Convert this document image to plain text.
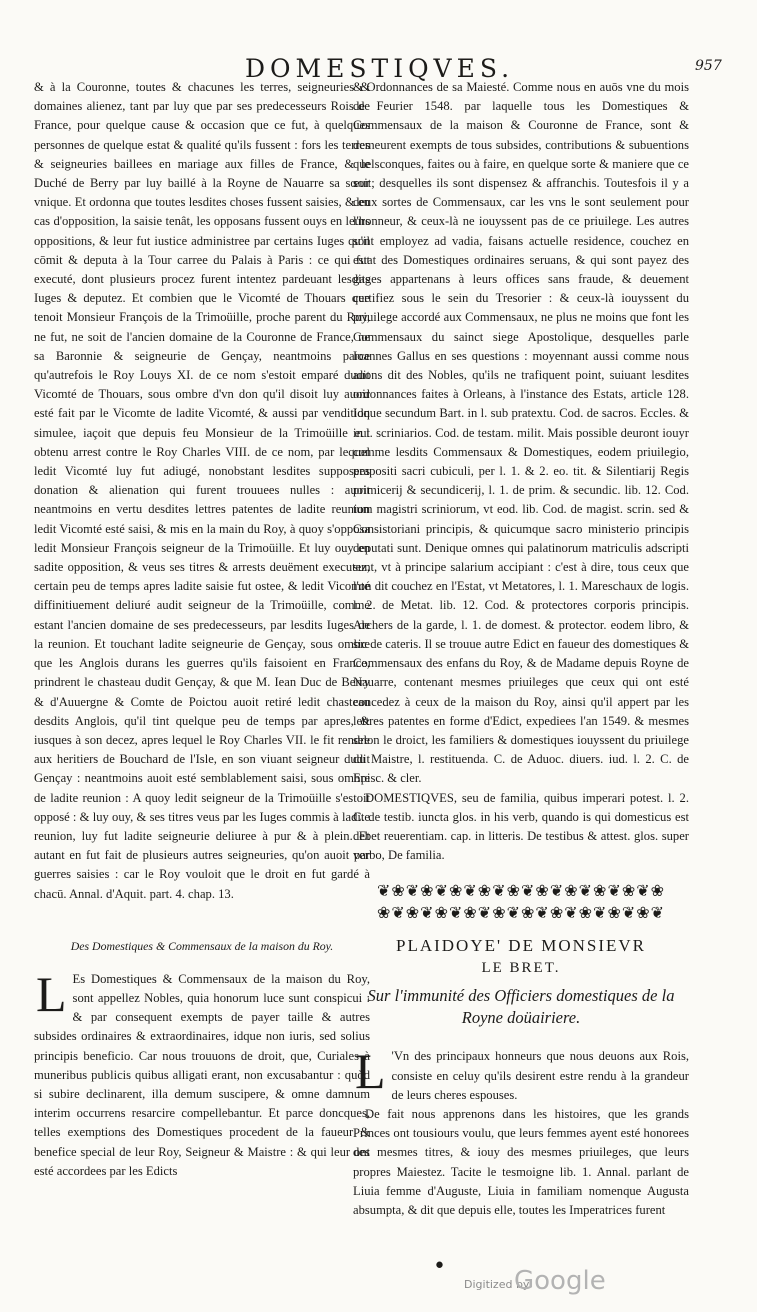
DOMESTIQVES.	957

& à la Couronne, toutes & chacunes les terres, seigneuries & domaines alienez, tant par luy que par ses predecesseurs Rois de France, pour quelque cause & occasion que ce fut, à quelques personnes de quelque estat & qualité qu'ils fussent : fors les terres & seigneuries baillees en mariage aux filles de France, & le Duché de Berry par luy baillé à la Royne de Nauarre sa sœur vnique. Et ordonna que toutes lesdites choses fussent saisies, & en cas d'opposition, la saisie tenât, les opposans fussent ouys en leurs oppositions, & leur fut iustice administree par certains Iuges qu'il cōmit & deputa à la Tour carree du Palais à Paris : ce qui fut executé, dont plusieurs procez furent intentez pardeuant lesdits Iuges & deputez. Et combien que le Vicomté de Thouars que tenoit Monsieur François de la Trimoüille, proche parent du Roy, ne fut, ne soit de l'ancien domaine de la Couronne de France, ne sa Baronnie & seigneurie de Gençay, neantmoins parce qu'autrefois le Roy Louys XI. de ce nom s'estoit emparé dudit Vicomté de Thouars, sous ombre d'vn don qu'il disoit luy auoir esté fait par le Vicomte de ladite Vicomté, & aussi par vendition simulee, iaçoit que depuis feu Monsieur de la Trimoüille eut obtenu arrest contre le Roy Charles VIII. de ce nom, par lequel ledit Vicomté luy fut adiugé, nonobstant lesdites supposees donation & alienation qui furent trouuees nulles : auoit neantmoins en vertu desdites lettres patentes de ladite reunion ledit Vicomté esté saisi, & mis en la main du Roy, à quoy s'opposa ledit Monsieur François seigneur de la Trimoüille. Et luy ouy en sadite opposition, & veus ses titres & arrests deuëment executez, certain peu de temps apres ladite saisie fut ostee, & ledit Vicomté diffinitiuement deliuré audit seigneur de la Trimoüille, comme estant l'ancien domaine de ses predecesseurs, par lesdits Iuges de la reunion. Et touchant ladite seigneurie de Gençay, sous ombre que les Anglois durans les guerres qu'ils faisoient en France, prindrent le chasteau dudit Gençay, & que M. Iean Duc de Berry & d'Auuergne & Comte de Poictou auoit retiré ledit chasteau desdits Anglois, qu'il tint quelque peu de temps par apres, & iusques à son decez, apres lequel le Roy Charles VII. le fit rendre aux heritiers de Bouchard de l'Isle, en son viuant seigneur dudit Gençay : neantmoins auoit esté semblablement saisi, sous ombre de ladite reunion : A quoy ledit seigneur de la Trimoüille s'estoit opposé : & luy ouy, & ses titres veus par les Iuges commis à ladite reunion, luy fut ladite seigneurie deliuree à pur & à plein. Et autant en fut fait de plusieurs autres seigneuries, qu'on auoit par guerres saisies : car le Roy vouloit que le droit en fut gardé à chacū. Annal. d'Aquit. part. 4. chap. 13.

Des Domestiques & Commensaux de la maison du Roy.
L Es Domestiques & Commensaux de la maison du Roy, sont appellez Nobles, quia honorum luce sunt conspicui : & par consequent exempts de payer taille & autres subsides ordinaires & extraordinaires, idque non iuris, sed solius principis beneficio. Car nous trouuons de droit, que, Curiales à muneribus publicis quibus alligati erant, non excusabantur : quòd si subire declinarent, illa demum suscipere, & omne damnum interim occurrens resarcire compellebantur. Et parce doncques, telles exemptions des Domestiques procedent de la faueur & benefice special de leur Roy, Seigneur & Maistre : & qui leur ont esté accordees par les Edicts

& Ordonnances de sa Maiesté. Comme nous en auōs vne du mois de Feurier 1548. par laquelle tous les Domestiques & Commensaux de la maison & Couronne de France, sont & demeurent exempts de tous subsides, contributions & subuentions quelsconques, faites ou à faire, en quelque sorte & maniere que ce soit; desquelles ils sont dispensez & affranchis. Toutesfois il y a deux sortes de Commensaux, car les vns le sont seulement pour l'honneur, & ceux-là ne iouyssent pas de ce priuilege. Les autres sont employez ad vadia, faisans actuelle residence, couchez en estat des Domestiques ordinaires seruans, & qui sont payez des gages appartenans à leurs offices sans fraude, & deuement certifiez sous le sein du Tresorier : & ceux-là iouyssent du priuilege accordé aux Commensaux, ne plus ne moins que font les Commensaux du sainct siege Apostolique, desquelles parle Ioannes Gallus en ses questions : moyennant aussi comme nous auons dit des Nobles, qu'ils ne trafiquent point, suiuant lesdites ordonnances faites à Orleans, à l'instance des Estats, article 128. Idque secundum Bart. in l. sub pratextu. Cod. de sacros. Eccles. & in l. scriniarios. Cod. de testam. milit. Mais possible deuront iouyr comme lesdits Commensaux & Domestiques, eodem priuilegio, prapositi sacri cubiculi, per l. 1. & 2. eo. tit. & Silentiarij Regis primicerij & secundicerij, l. 1. de prim. & secundic. lib. 12. Cod. tum magistri scriniorum, vt eod. lib. Cod. de magist. scrin. sed & Consistoriani principis, & quicumque sacro ministerio principis deputati sunt. Denique omnes qui palatinorum matriculis adscripti sunt, vt à principe salarium accipiant : c'est à dire, tous ceux que l'on dit couchez en l'Estat, vt Metatores, l. 1. Mareschaux de logis. l. 2. de Metat. lib. 12. Cod. & protectores corporis principis. Archers de la garde, l. 1. de domest. & protector. eodem libro, & sic de cateris. Il se trouue autre Edict en faueur des domestiques & Commensaux des enfans du Roy, & de Madame depuis Royne de Nauarre, contenant mesmes priuileges que ceux qui ont esté concedez à ceux de la maison du Roy, ainsi qu'il appert par les lettres patentes en forme d'Edict, expediees l'an 1549. & mesmes selon le droict, les familiers & domestiques iouyssent du priuilege du Maistre, l. restituenda. C. de Aduoc. diuers. iud. l. 2. C. de Episc. & cler.

DOMESTIQVES, seu de familia, quibus imperari potest. l. 2. C. de testib. iuncta glos. in his verb, quando is qui domesticus est debet reuerentiam. cap. in litteris. De testibus & attest. glos. super verbo, De familia.

❦❀❦❀❦❀❦❀❦❀❦❀❦❀❦❀❦❀❦❀
❀❦❀❦❀❦❀❦❀❦❀❦❀❦❀❦❀❦❀❦
PLAIDOYE' DE MONSIEVR
LE BRET.
Sur l'immunité des Officiers domestiques de la Royne doüairiere.
L 'Vn des principaux honneurs que nous deuons aux Rois, consiste en celuy qu'ils desirent estre rendu à la grandeur de leurs cheres espouses.

De fait nous apprenons dans les histoires, que les grands Princes ont tousiours voulu, que leurs femmes ayent esté honorees des mesmes titres, & iouy des mesmes priuileges, que leurs propres Maiestez. Tacite le tesmoigne lib. 1. Annal. parlant de Liuia femme d'Auguste, Liuia in familiam nomenque Augusta absumpta, & dit que depuis elle, toutes les Imperatrices furent

•
Digitized by
Google
